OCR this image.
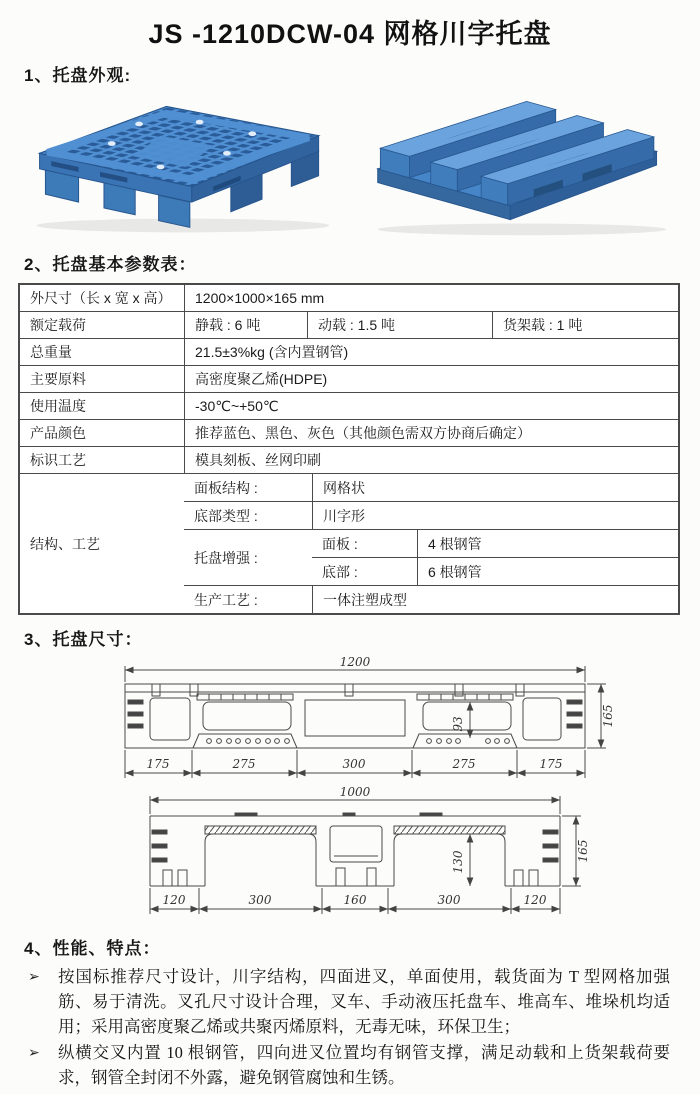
JS -1210DCW-04 网格川字托盘
1、托盘外观:
2、托盘基本参数表：
外尺寸（长 x 宽 x 高）	1200×1000×165 mm
额定载荷	静载 : 6 吨	动载 : 1.5 吨	货架载 : 1 吨
总重量	21.5±3%kg (含内置钢管)
主要原料	高密度聚乙烯(HDPE)
使用温度	-30℃~+50℃
产品颜色	推荐蓝色、黑色、灰色（其他颜色需双方协商后确定）
标识工艺	模具刻板、丝网印刷
结构、工艺
面板结构 :	网格状
底部类型 :	川字形
托盘增强 :
面板 :	4 根钢管
底部 :	6 根钢管
生产工艺 :	一体注塑成型
3、托盘尺寸：
1200
165
93
175	275	300	275	175
1000
165
130
120	300	160	300	120
4、性能、特点：
➢	按国标推荐尺寸设计，川字结构，四面进叉，单面使用，载货面为 T 型网格加强筋、易于清洗。叉孔尺寸设计合理，叉车、手动液压托盘车、堆高车、堆垛机均适用；采用高密度聚乙烯或共聚丙烯原料，无毒无味，环保卫生；
➢	纵横交叉内置 10 根钢管，四向进叉位置均有钢管支撑，满足动载和上货架载荷要求，钢管全封闭不外露，避免钢管腐蚀和生锈。
